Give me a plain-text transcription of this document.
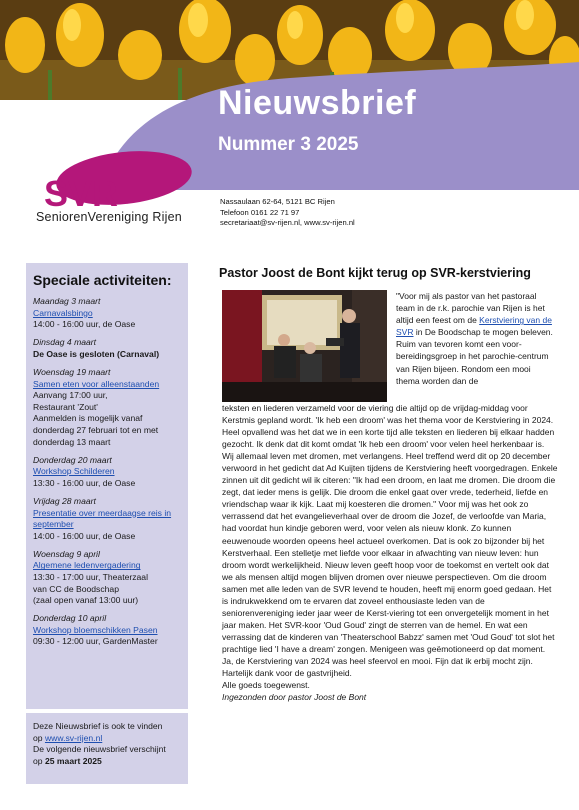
Nieuwsbrief
Nummer 3 2025
SVR
SeniorenVereniging Rijen
Nassaulaan 62-64, 5121 BC Rijen
Telefoon 0161 22 71 97
secretariaat@sv-rijen.nl, www.sv-rijen.nl
Speciale activiteiten:
Maandag 3 maart
Carnavalsbingo
14:00 - 16:00 uur, de Oase
Dinsdag 4 maart
De Oase is gesloten (Carnaval)
Woensdag 19 maart
Samen eten voor alleenstaanden
Aanvang 17:00 uur,
Restaurant 'Zout'
Aanmelden is mogelijk vanaf
donderdag 27 februari tot en met
donderdag 13 maart
Donderdag 20 maart
Workshop Schilderen
13:30 - 16:00 uur, de Oase
Vrijdag 28 maart
Presentatie over meerdaagse reis in september
14:00 - 16:00 uur, de Oase
Woensdag 9 april
Algemene ledenvergadering
13:30 - 17:00 uur, Theaterzaal
van CC de Boodschap
(zaal open vanaf 13:00 uur)
Donderdag 10 april
Workshop bloemschikken Pasen
09:30 - 12:00 uur, GardenMaster
Deze Nieuwsbrief is ook te vinden
op www.sv-rijen.nl
De volgende nieuwsbrief verschijnt
op 25 maart 2025
Pastor Joost de Bont kijkt terug op SVR-kerstviering
"Voor mij als pastor van het pastoraal team in de r.k. parochie van Rijen is het altijd een feest om de Kerstviering van de SVR in De Boodschap te mogen beleven. Ruim van tevoren komt een voor-bereidingsgroep in het parochie-centrum van Rijen bijeen. Rondom een mooi thema worden dan de
teksten en liederen verzameld voor de viering die altijd op de vrijdag-middag voor Kerstmis gepland wordt. 'Ik heb een droom' was het thema voor de Kerstviering in 2024. Heel opvallend was het dat we in een korte tijd alle teksten en liederen bij elkaar hadden gezocht. Ik denk dat dit komt omdat 'Ik heb een droom' voor velen heel herkenbaar is. Wij allemaal leven met dromen, met verlangens. Heel treffend werd dit op 20 december verwoord in het gedicht dat Ad Kuijten tijdens de Kerstviering heeft voorgedragen. Enkele zinnen uit dit gedicht wil ik citeren: "Ik had een droom, en laat me dromen. Die droom die zegt, dat ieder mens is gelijk. Die droom die enkel gaat over vrede, tederheid, liefde en vriendschap waar ik kijk. Laat mij koesteren die dromen." Voor mij was het ook zo verrassend dat het evangelieverhaal over de droom die Jozef, de verloofde van Maria, had voordat hun kindje geboren werd, voor velen als nieuw klonk. Zo kunnen eeuwenoude woorden opeens heel actueel overkomen. Dat is ook zo bijzonder bij het Kerstverhaal. Een stelletje met liefde voor elkaar in afwachting van nieuw leven: hun droom wordt werkelijkheid. Nieuw leven geeft hoop voor de toekomst en vertelt ook dat we als mensen altijd mogen blijven dromen over nieuwe perspectieven. Om die droom samen met alle leden van de SVR levend te houden, heeft mij enorm goed gedaan. Het is indrukwekkend om te ervaren dat zoveel enthousiaste leden van de seniorenvereniging ieder jaar weer de Kerst-viering tot een onvergetelijk moment in het jaar maken. Het SVR-koor 'Oud Goud' zingt de sterren van de hemel. En wat een verrassing dat de kinderen van 'Theaterschool Babzz' samen met 'Oud Goud' tot slot het prachtige lied 'I have a dream' zongen. Menigeen was geëmotioneerd op dat moment. Ja, de Kerstviering van 2024 was heel sfeervol en mooi. Fijn dat ik erbij mocht zijn. Hartelijk dank voor de gastvrijheid.
Alle goeds toegewenst.
Ingezonden door pastor Joost de Bont
